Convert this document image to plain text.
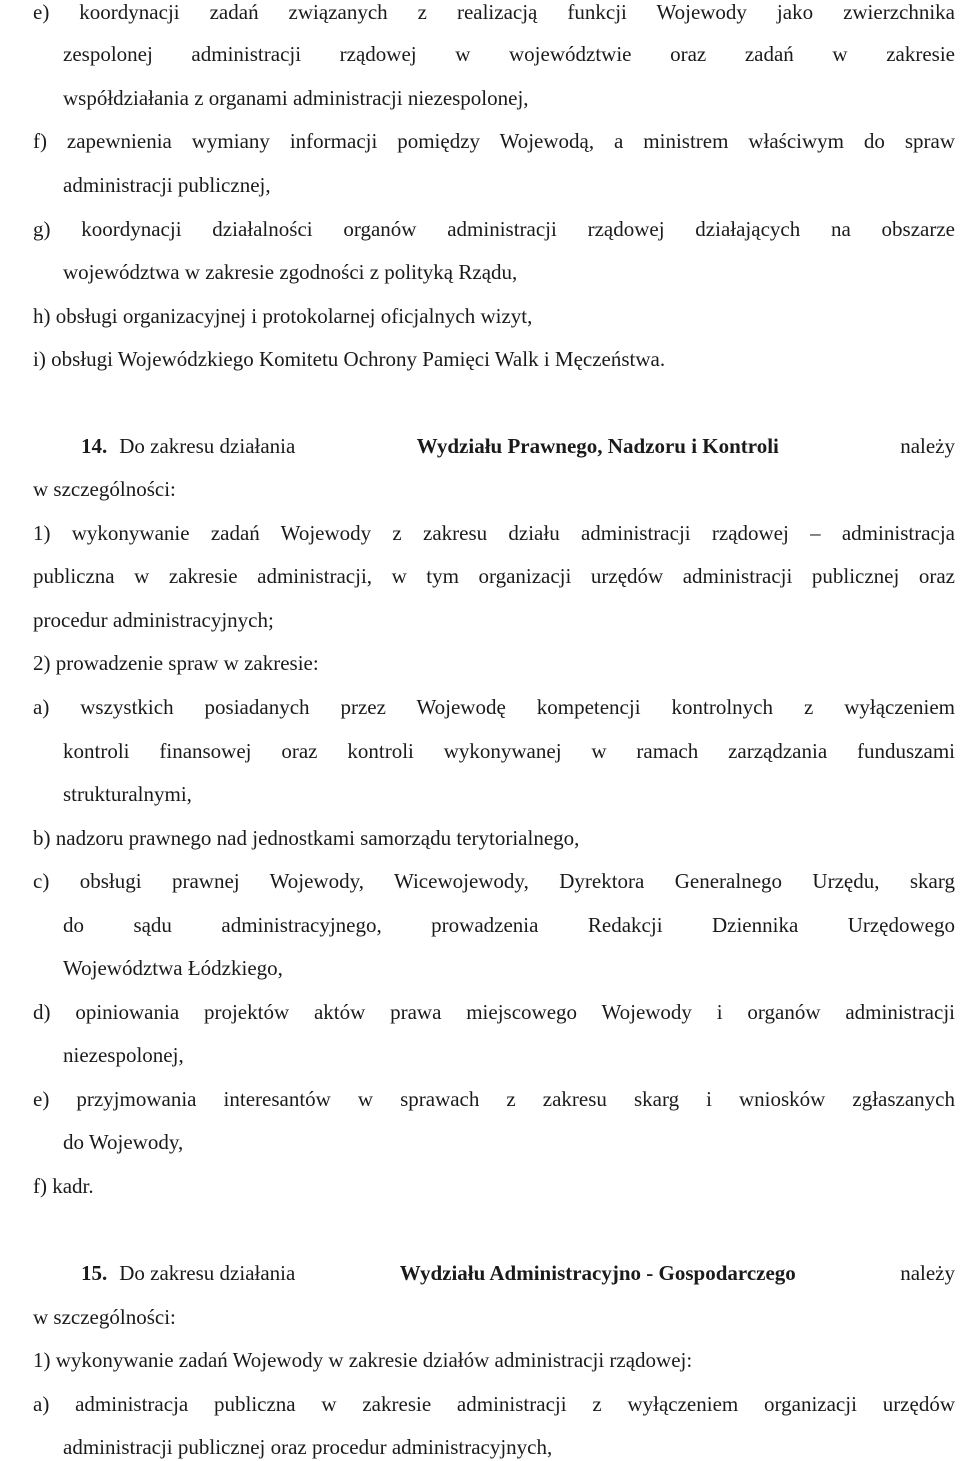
e) koordynacji zadań związanych z realizacją funkcji Wojewody jako zwierzchnika

zespolonej administracji rządowej w województwie oraz zadań w zakresie

współdziałania z organami administracji niezespolonej,

f) zapewnienia wymiany informacji pomiędzy Wojewodą, a ministrem właściwym do spraw

administracji publicznej,

g) koordynacji działalności organów administracji rządowej działających na obszarze

województwa w zakresie zgodności z polityką Rządu,

h) obsługi organizacyjnej i protokolarnej oficjalnych wizyt,

i) obsługi Wojewódzkiego Komitetu Ochrony Pamięci Walk i Męczeństwa.

14. Do zakresu działania	Wydziału Prawnego, Nadzoru i Kontroli	należy

w szczególności:

1) wykonywanie zadań Wojewody z zakresu działu administracji rządowej – administracja

publiczna w zakresie administracji, w tym organizacji urzędów administracji publicznej oraz

procedur administracyjnych;

2) prowadzenie spraw w zakresie:

a) wszystkich posiadanych przez Wojewodę kompetencji kontrolnych z wyłączeniem

kontroli finansowej oraz kontroli wykonywanej w ramach zarządzania funduszami

strukturalnymi,

b) nadzoru prawnego nad jednostkami samorządu terytorialnego,

c) obsługi prawnej Wojewody, Wicewojewody, Dyrektora Generalnego Urzędu, skarg

do sądu administracyjnego, prowadzenia Redakcji Dziennika Urzędowego

Województwa Łódzkiego,

d) opiniowania projektów aktów prawa miejscowego Wojewody i organów administracji

niezespolonej,

e) przyjmowania interesantów w sprawach z zakresu skarg i wniosków zgłaszanych

do Wojewody,

f) kadr.

15. Do zakresu działania	Wydziału Administracyjno - Gospodarczego	należy

w szczególności:

1) wykonywanie zadań Wojewody w zakresie działów administracji rządowej:

a) administracja publiczna w zakresie administracji z wyłączeniem organizacji urzędów

administracji publicznej oraz procedur administracyjnych,
